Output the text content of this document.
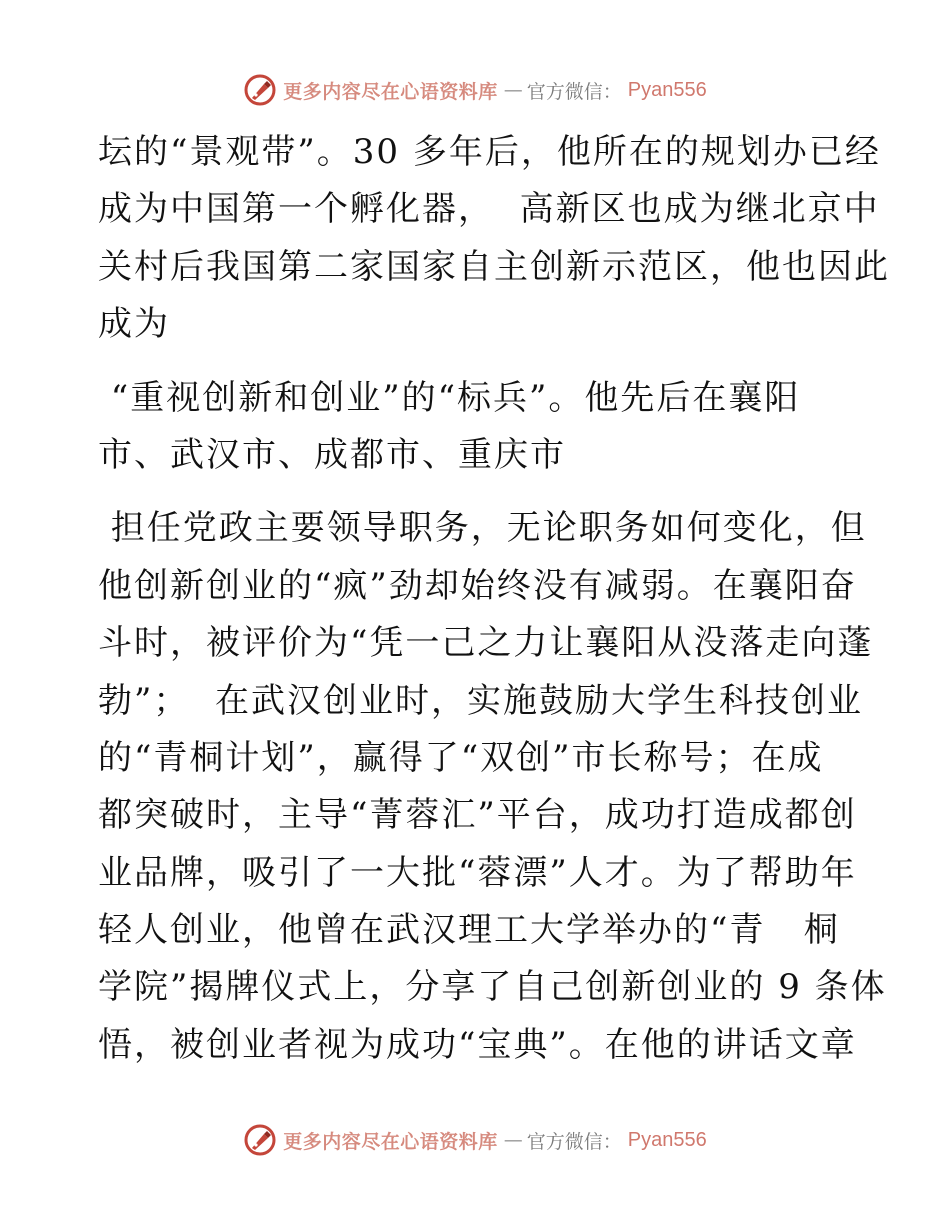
更多内容尽在心语资料库 — 官方微信： Pyan556
坛的“景观带”。30 多年后，他所在的规划办已经
成为中国第一个孵化器，  高新区也成为继北京中
关村后我国第二家国家自主创新示范区，他也因此
成为
“重视创新和创业”的“标兵”。他先后在襄阳
市、武汉市、成都市、重庆市
担任党政主要领导职务，无论职务如何变化，但
他创新创业的“疯”劲却始终没有减弱。在襄阳奋
斗时，被评价为“凭一己之力让襄阳从没落走向蓬
勃”；  在武汉创业时，实施鼓励大学生科技创业
的“青桐计划”，赢得了“双创”市长称号；在成
都突破时，主导“菁蓉汇”平台，成功打造成都创
业品牌，吸引了一大批“蓉漂”人才。为了帮助年
轻人创业，他曾在武汉理工大学举办的“青   桐
学院”揭牌仪式上，分享了自己创新创业的 9 条体
悟，被创业者视为成功“宝典”。在他的讲话文章
更多内容尽在心语资料库 — 官方微信： Pyan556
